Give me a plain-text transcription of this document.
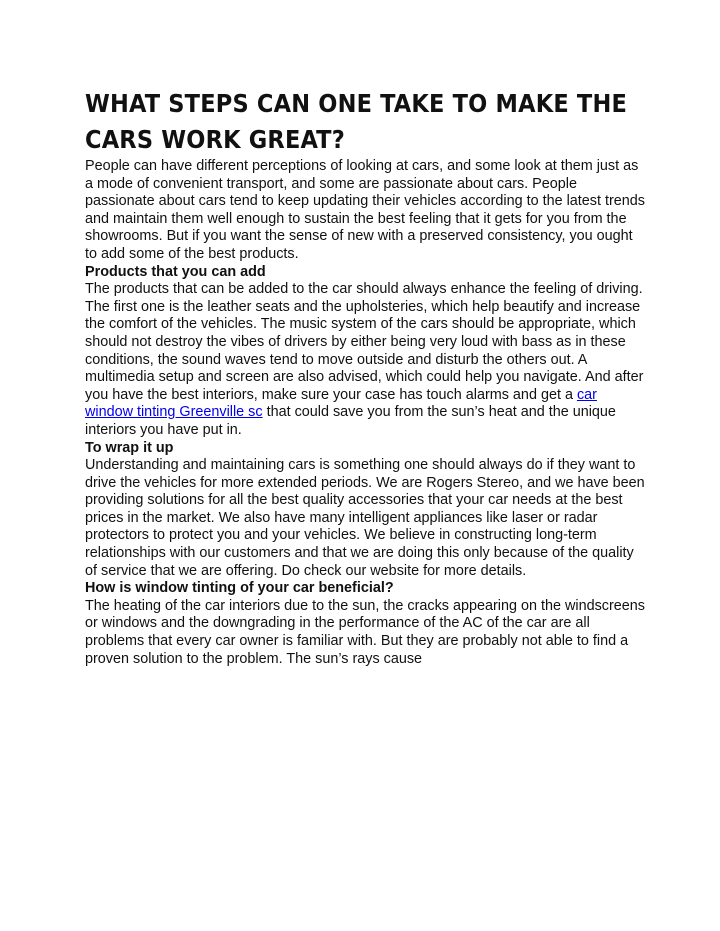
WHAT STEPS CAN ONE TAKE TO MAKE THE CARS WORK GREAT?

People can have different perceptions of looking at cars, and some look at them just as a mode of convenient transport, and some are passionate about cars. People passionate about cars tend to keep updating their vehicles according to the latest trends and maintain them well enough to sustain the best feeling that it gets for you from the showrooms. But if you want the sense of new with a preserved consistency, you ought to add some of the best products.

Products that you can add

The products that can be added to the car should always enhance the feeling of driving. The first one is the leather seats and the upholsteries, which help beautify and increase the comfort of the vehicles. The music system of the cars should be appropriate, which should not destroy the vibes of drivers by either being very loud with bass as in these conditions, the sound waves tend to move outside and disturb the others out. A multimedia setup and screen are also advised, which could help you navigate. And after you have the best interiors, make sure your case has touch alarms and get a car window tinting Greenville sc that could save you from the sun’s heat and the unique interiors you have put in.

To wrap it up

Understanding and maintaining cars is something one should always do if they want to drive the vehicles for more extended periods. We are Rogers Stereo, and we have been providing solutions for all the best quality accessories that your car needs at the best prices in the market. We also have many intelligent appliances like laser or radar protectors to protect you and your vehicles. We believe in constructing long-term relationships with our customers and that we are doing this only because of the quality of service that we are offering. Do check our website for more details.

How is window tinting of your car beneficial?

The heating of the car interiors due to the sun, the cracks appearing on the windscreens or windows and the downgrading in the performance of the AC of the car are all problems that every car owner is familiar with. But they are probably not able to find a proven solution to the problem. The sun’s rays cause
